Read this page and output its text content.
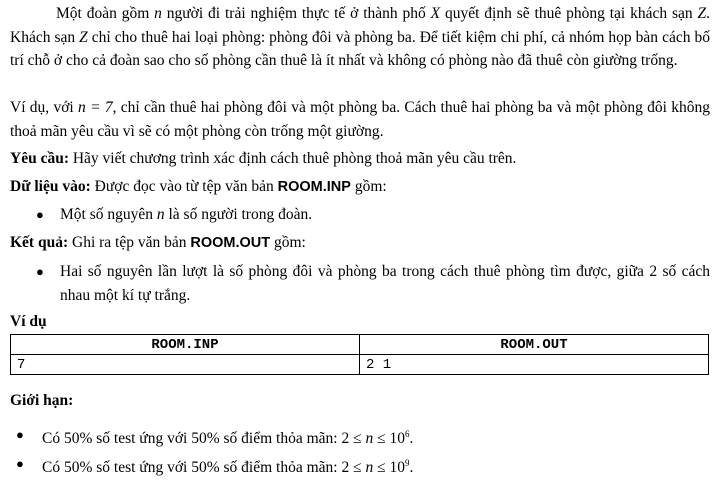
Một đoàn gồm n người đi trải nghiệm thực tế ở thành phố X quyết định sẽ thuê phòng tại khách sạn Z. Khách sạn Z chỉ cho thuê hai loại phòng: phòng đôi và phòng ba. Để tiết kiệm chi phí, cả nhóm họp bàn cách bố trí chỗ ở cho cả đoàn sao cho số phòng cần thuê là ít nhất và không có phòng nào đã thuê còn giường trống.
Ví dụ, với n = 7, chỉ cần thuê hai phòng đôi và một phòng ba. Cách thuê hai phòng ba và một phòng đôi không thoả mãn yêu cầu vì sẽ có một phòng còn trống một giường.
Yêu cầu: Hãy viết chương trình xác định cách thuê phòng thoả mãn yêu cầu trên.
Dữ liệu vào: Được đọc vào từ tệp văn bản ROOM.INP gồm:
● Một số nguyên n là số người trong đoàn.
Kết quả: Ghi ra tệp văn bản ROOM.OUT gồm:
● Hai số nguyên lần lượt là số phòng đôi và phòng ba trong cách thuê phòng tìm được, giữa 2 số cách nhau một kí tự trắng.
Ví dụ
ROOM.INP	ROOM.OUT
7	2 1
Giới hạn:
● Có 50% số test ứng với 50% số điểm thỏa mãn: $2 \le n \le 10^6$.
● Có 50% số test ứng với 50% số điểm thỏa mãn: $2 \le n \le 10^9$.
